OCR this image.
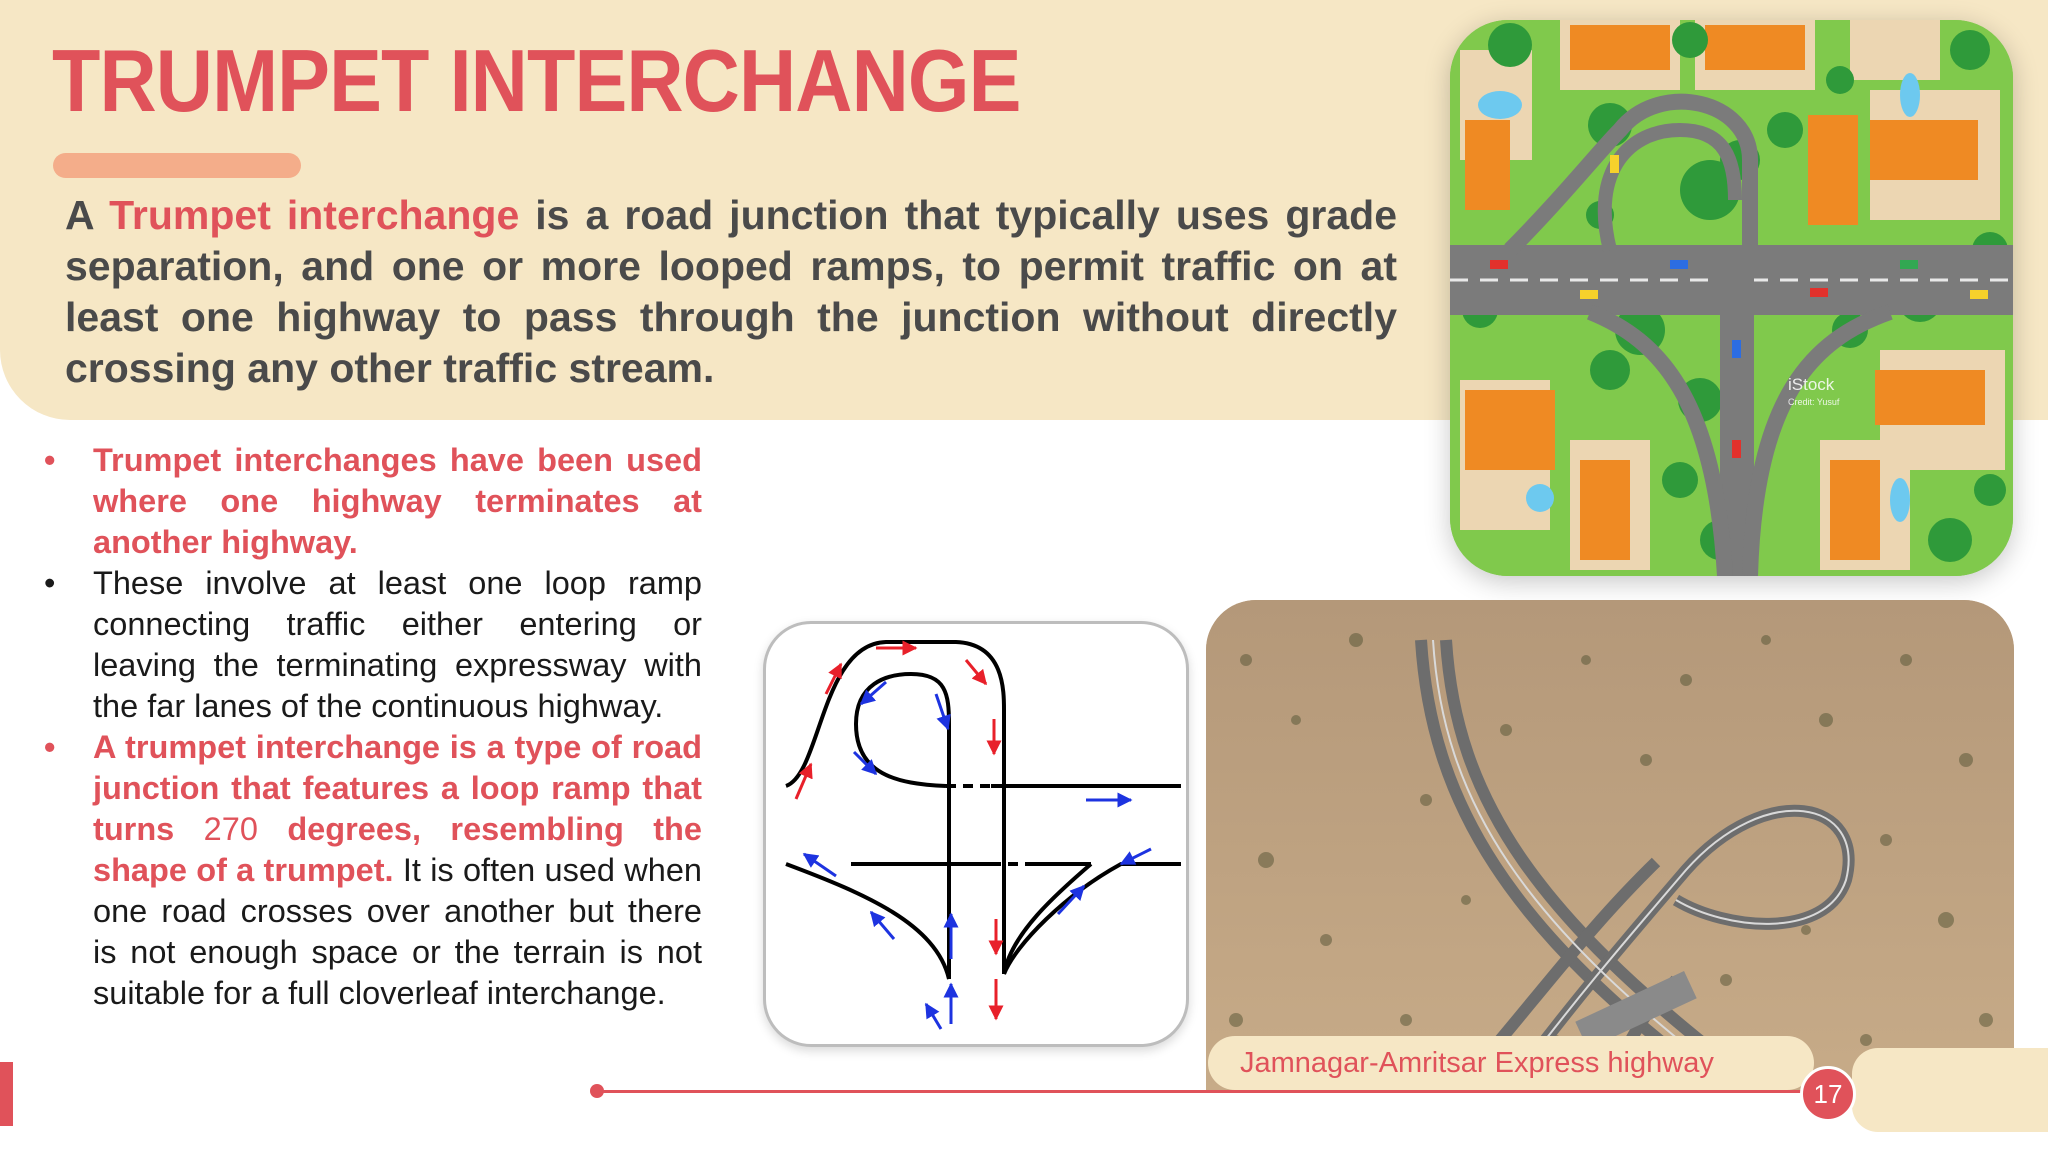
TRUMPET INTERCHANGE

A Trumpet interchange is a road junction that typically uses grade separation, and one or more looped ramps, to permit traffic on at least one highway to pass through the junction without directly crossing any other traffic stream.

• Trumpet interchanges have been used where one highway terminates at another highway.
• These involve at least one loop ramp connecting traffic either entering or leaving the terminating expressway with the far lanes of the continuous highway.
• A trumpet interchange is a type of road junction that features a loop ramp that turns 270 degrees, resembling the shape of a trumpet. It is often used when one road crosses over another but there is not enough space or the terrain is not suitable for a full cloverleaf interchange.
iStock
Credit: Yusuf
Jamnagar-Amritsar Express highway
17
